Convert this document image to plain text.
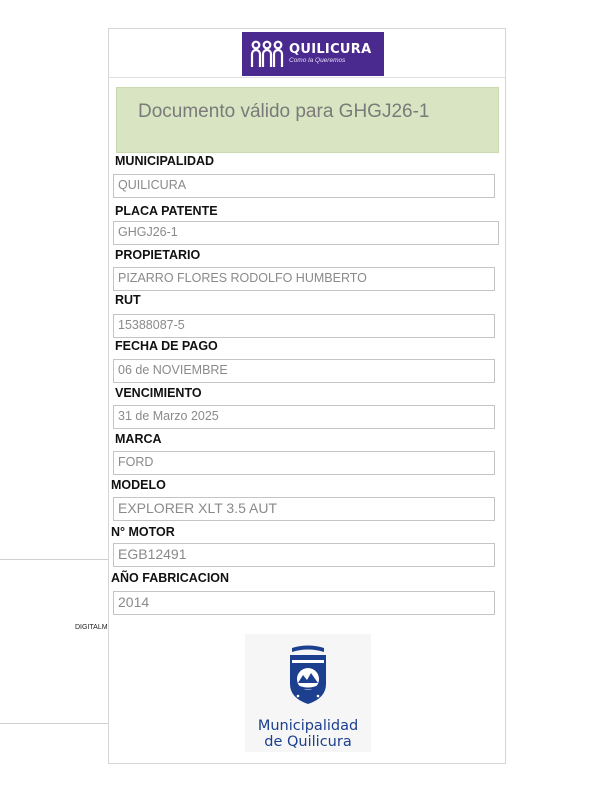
DIGITALM
QUILICURA
Como la Queremos
Documento válido para GHGJ26-1
MUNICIPALIDAD
QUILICURA
PLACA PATENTE
GHGJ26-1
PROPIETARIO
PIZARRO FLORES RODOLFO HUMBERTO
RUT
15388087-5
FECHA DE PAGO
06 de NOVIEMBRE
VENCIMIENTO
31 de Marzo 2025
MARCA
FORD
MODELO
EXPLORER XLT 3.5 AUT
N° MOTOR
EGB12491
AÑO FABRICACION
2014
Municipalidad
de Quilicura
